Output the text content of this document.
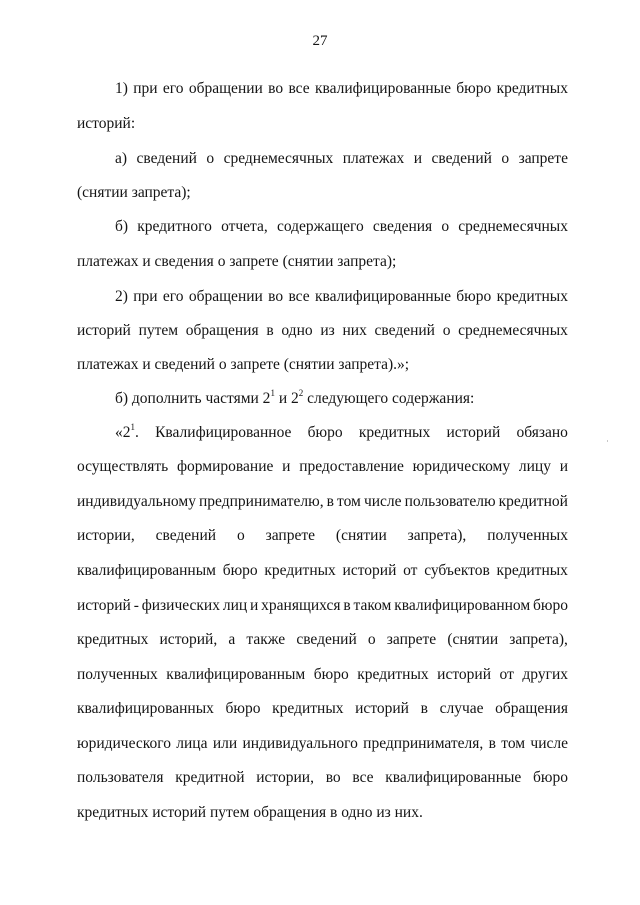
27
1) при его обращении во все квалифицированные бюро кредитных
историй:
а) сведений о среднемесячных платежах и сведений о запрете
(снятии запрета);
б) кредитного отчета, содержащего сведения о среднемесячных
платежах и сведения о запрете (снятии запрета);
2) при его обращении во все квалифицированные бюро кредитных
историй путем обращения в одно из них сведений о среднемесячных
платежах и сведений о запрете (снятии запрета).»;
б) дополнить частями $2^1$ и $2^2$ следующего содержания:
«$2^1$. Квалифицированное бюро кредитных историй обязано
осуществлять формирование и предоставление юридическому лицу и
индивидуальному предпринимателю, в том числе пользователю кредитной
истории, сведений о запрете (снятии запрета), полученных
квалифицированным бюро кредитных историй от субъектов кредитных
историй - физических лиц и хранящихся в таком квалифицированном бюро
кредитных историй, а также сведений о запрете (снятии запрета),
полученных квалифицированным бюро кредитных историй от других
квалифицированных бюро кредитных историй в случае обращения
юридического лица или индивидуального предпринимателя, в том числе
пользователя кредитной истории, во все квалифицированные бюро
кредитных историй путем обращения в одно из них.
